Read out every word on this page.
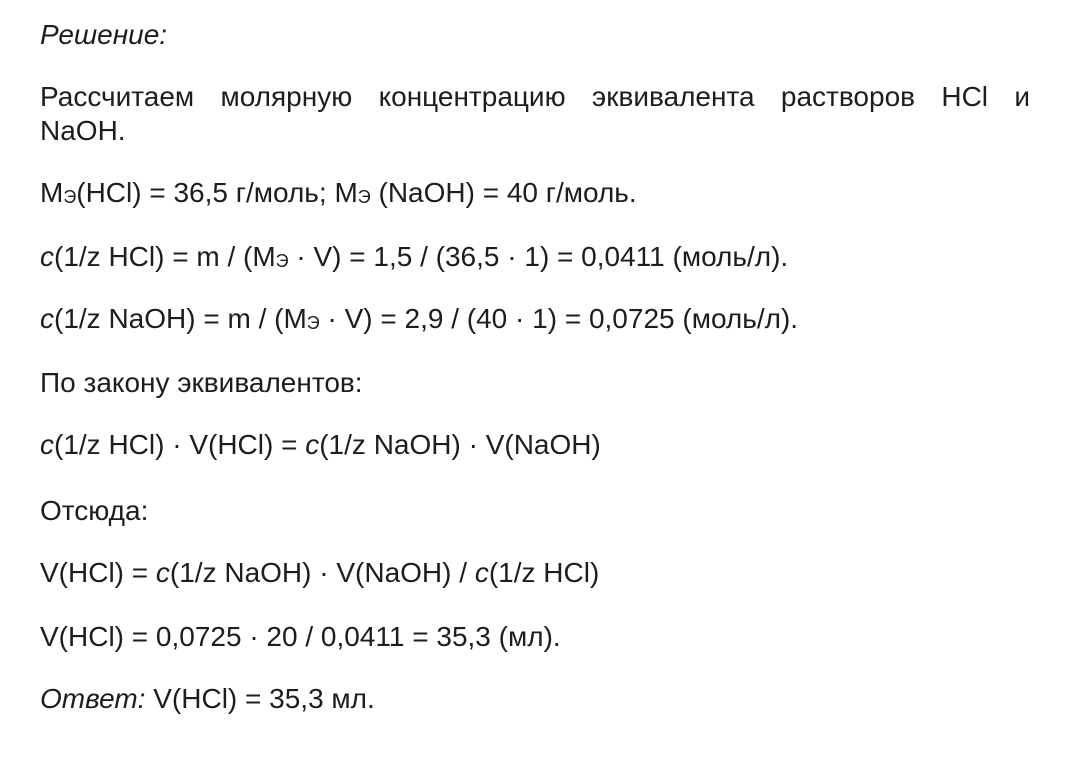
Решение:
Рассчитаем молярную концентрацию эквивалента растворов HCl и
NaOH.
MЭ(HCl) = 36,5 г/моль; MЭ (NaOH) = 40 г/моль.
c(1/z HCl) = m / (MЭ · V) = 1,5 / (36,5 · 1) = 0,0411 (моль/л).
c(1/z NaOH) = m / (MЭ · V) = 2,9 / (40 · 1) = 0,0725 (моль/л).
По закону эквивалентов:
c(1/z HCl) · V(HCl) = c(1/z NaOH) · V(NaOH)
Отсюда:
V(HCl) = c(1/z NaOH) · V(NaOH) / c(1/z HCl)
V(HCl) = 0,0725 · 20 / 0,0411 = 35,3 (мл).
Ответ: V(HCl) = 35,3 мл.
